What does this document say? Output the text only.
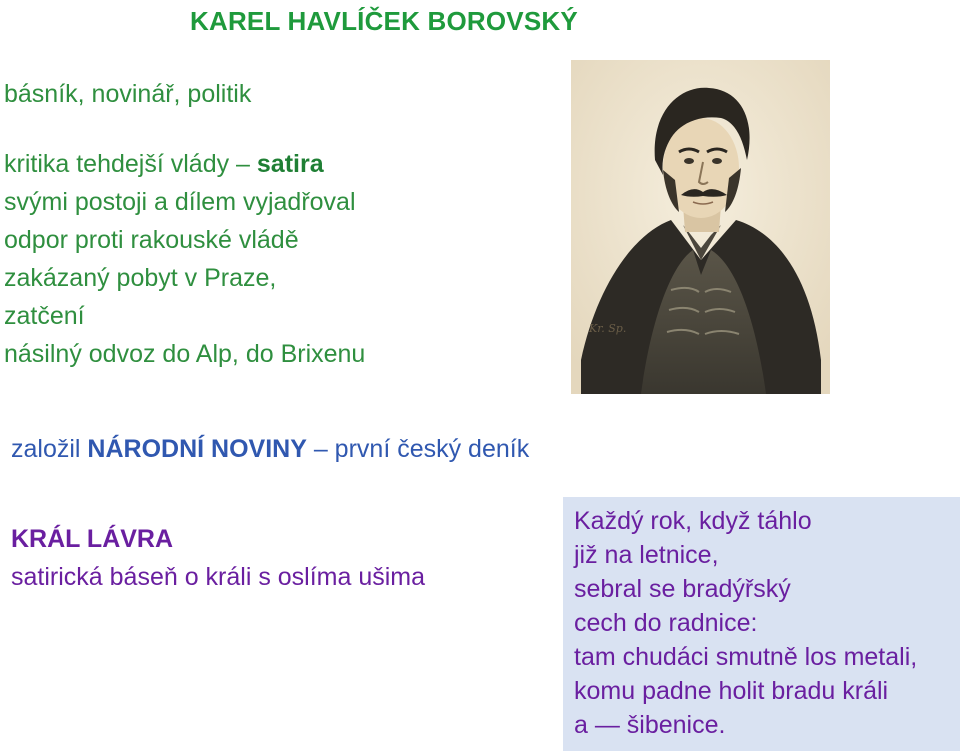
KAREL HAVLÍČEK BOROVSKÝ
básník, novinář, politik
kritika tehdejší vlády – satira
svými postoji a dílem vyjadřoval
odpor proti rakouské vládě
zakázaný pobyt v Praze,
zatčení
násilný odvoz do Alp, do Brixenu
Kr. Sp.
založil NÁRODNÍ NOVINY – první český deník
KRÁL LÁVRA
satirická báseň o králi s oslíma ušima
Každý rok, když táhlo
již na letnice,
sebral se bradýřský
cech do radnice:
tam chudáci smutně los metali,
komu padne holit bradu králi
a — šibenice.
